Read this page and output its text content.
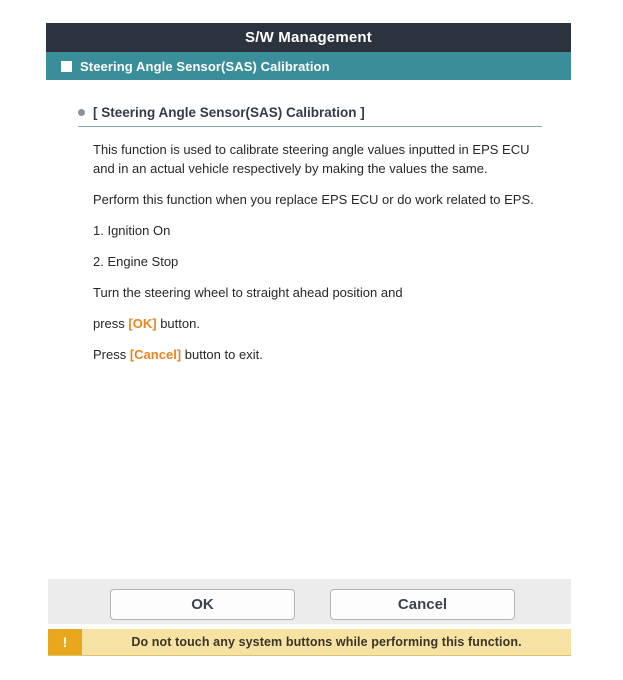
S/W Management
Steering Angle Sensor(SAS) Calibration
[ Steering Angle Sensor(SAS) Calibration ]
This function is used to calibrate steering angle values inputted in EPS ECU
and in an actual vehicle respectively by making the values the same.
Perform this function when you replace EPS ECU or do work related to EPS.
1. Ignition On
2. Engine Stop
Turn the steering wheel to straight ahead position and
press [OK] button.
Press [Cancel] button to exit.
OK	Cancel
!	Do not touch any system buttons while performing this function.
